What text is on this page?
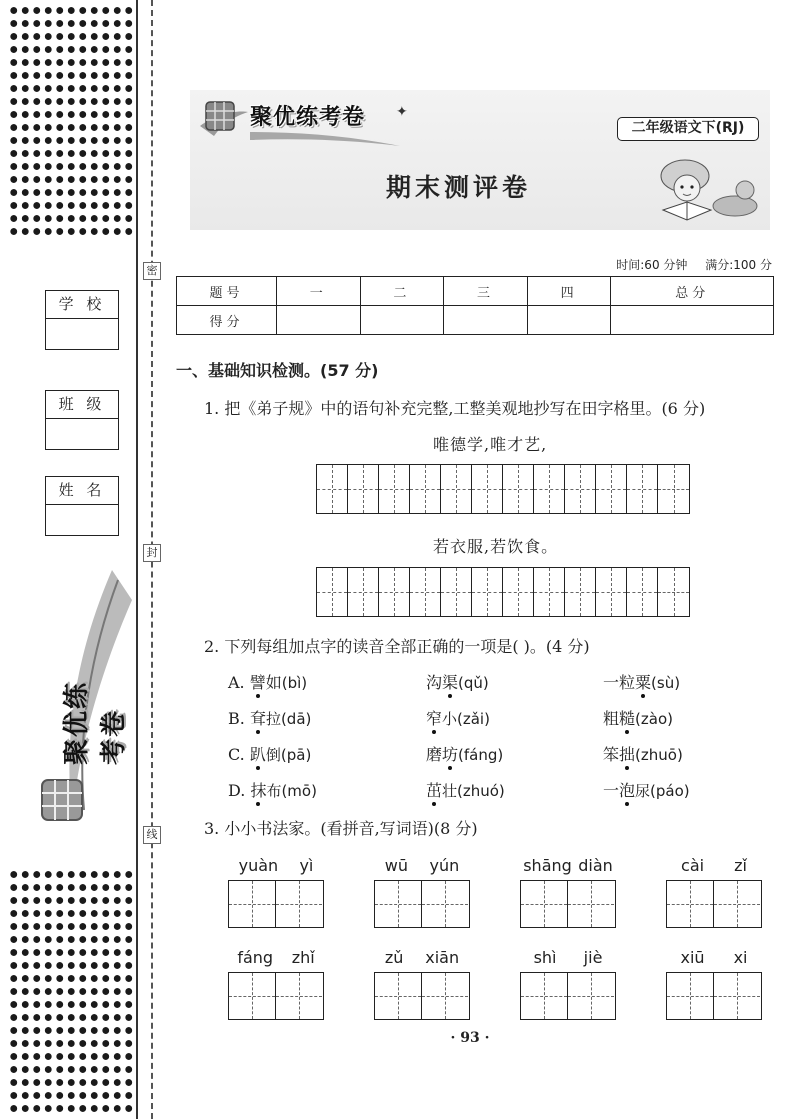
密
封
线
学 校
班 级
姓 名
聚优练考卷
聚优练考卷 ✦
二年级语文下(RJ)
期末测评卷
时间:60 分钟 满分:100 分
题号	一	二	三	四	总分
得分					
一、基础知识检测。(57 分)
1. 把《弟子规》中的语句补充完整,工整美观地抄写在田字格里。(6 分)
唯德学,唯才艺,
若衣服,若饮食。
2. 下列每组加点字的读音全部正确的一项是( )。(4 分)
A. 譬如(bì)	沟渠(qǔ)	一粒粟(sù)
B. 耷拉(dā)	窄小(zǎi)	粗糙(zào)
C. 趴倒(pā)	磨坊(fáng)	笨拙(zhuō)
D. 抹布(mō)	茁壮(zhuó)	一泡尿(páo)
3. 小小书法家。(看拼音,写词语)(8 分)
yuàn yì	wū yún	shāng diàn	cài zǐ
fáng zhǐ	zǔ xiān	shì jiè	xiū xi
· 93 ·
